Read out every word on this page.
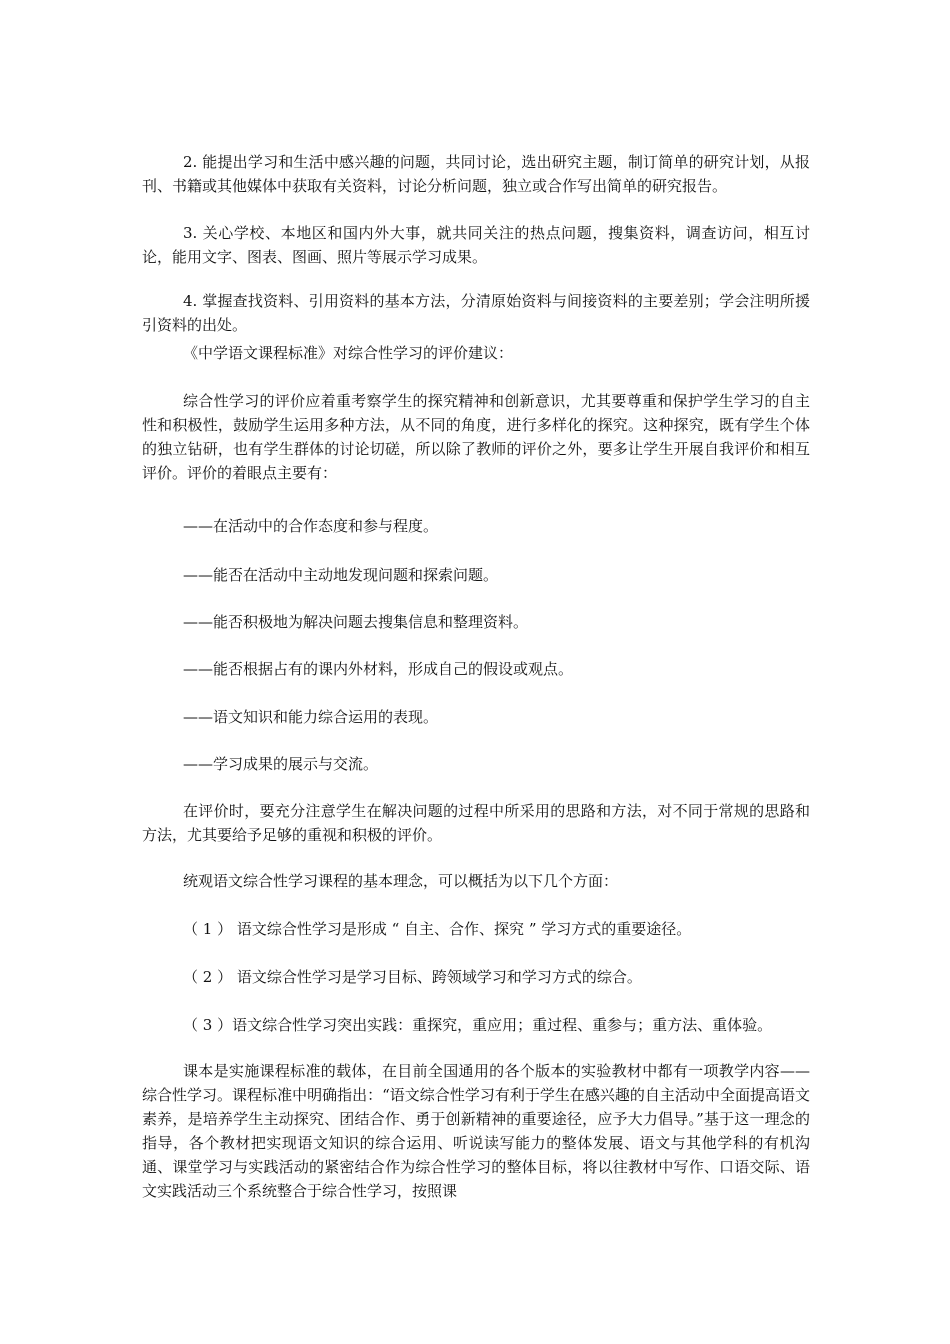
2. 能提出学习和生活中感兴趣的问题，共同讨论，选出研究主题，制订简单的研究计划，从报刊、书籍或其他媒体中获取有关资料，讨论分析问题，独立或合作写出简单的研究报告。

3. 关心学校、本地区和国内外大事，就共同关注的热点问题，搜集资料，调查访问，相互讨论，能用文字、图表、图画、照片等展示学习成果。

4. 掌握查找资料、引用资料的基本方法，分清原始资料与间接资料的主要差别；学会注明所援引资料的出处。

《中学语文课程标准》对综合性学习的评价建议：

综合性学习的评价应着重考察学生的探究精神和创新意识，尤其要尊重和保护学生学习的自主性和积极性，鼓励学生运用多种方法，从不同的角度，进行多样化的探究。这种探究，既有学生个体的独立钻研，也有学生群体的讨论切磋，所以除了教师的评价之外，要多让学生开展自我评价和相互评价。评价的着眼点主要有：

——在活动中的合作态度和参与程度。

——能否在活动中主动地发现问题和探索问题。

——能否积极地为解决问题去搜集信息和整理资料。

——能否根据占有的课内外材料，形成自己的假设或观点。

——语文知识和能力综合运用的表现。

——学习成果的展示与交流。

在评价时，要充分注意学生在解决问题的过程中所采用的思路和方法，对不同于常规的思路和方法，尤其要给予足够的重视和积极的评价。

统观语文综合性学习课程的基本理念，可以概括为以下几个方面：

（ 1 ） 语文综合性学习是形成 “ 自主、合作、探究 ” 学习方式的重要途径。

（ 2 ） 语文综合性学习是学习目标、跨领域学习和学习方式的综合。

（ 3 ）语文综合性学习突出实践：重探究，重应用；重过程、重参与；重方法、重体验。

课本是实施课程标准的载体，在目前全国通用的各个版本的实验教材中都有一项教学内容——综合性学习。课程标准中明确指出：“语文综合性学习有利于学生在感兴趣的自主活动中全面提高语文素养，是培养学生主动探究、团结合作、勇于创新精神的重要途径，应予大力倡导。”基于这一理念的指导，各个教材把实现语文知识的综合运用、听说读写能力的整体发展、语文与其他学科的有机沟通、课堂学习与实践活动的紧密结合作为综合性学习的整体目标，将以往教材中写作、口语交际、语文实践活动三个系统整合于综合性学习，按照课
